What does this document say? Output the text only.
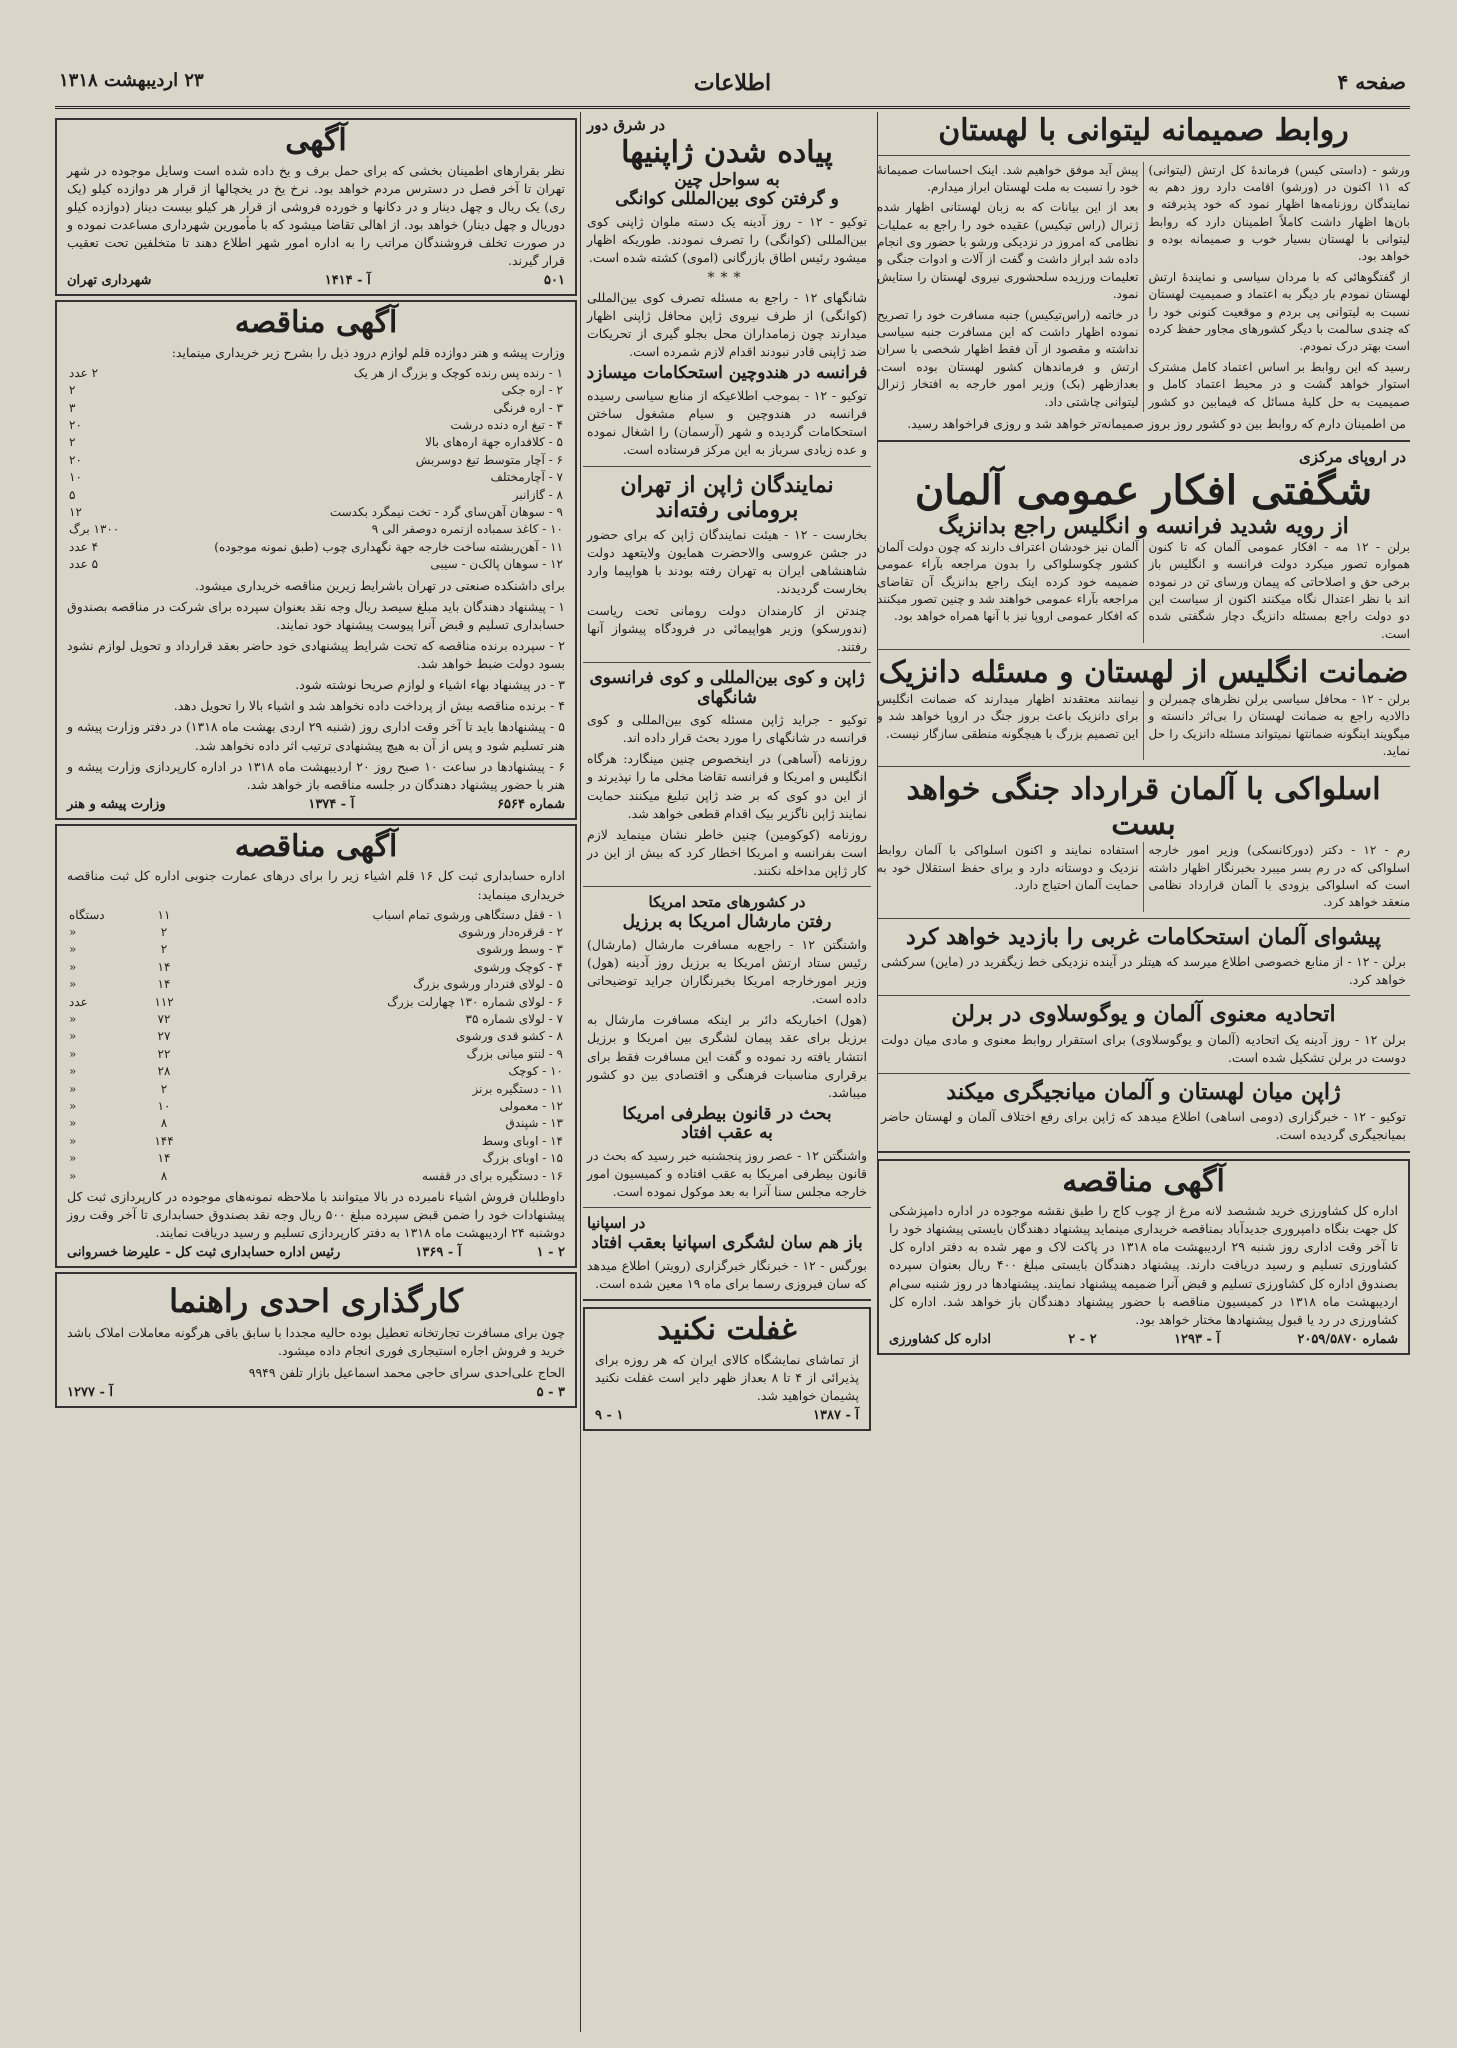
صفحه ۴
اطلاعات
۲۳ اردیبهشت ۱۳۱۸
روابط صمیمانه لیتوانی با لهستان

ورشو - (داستی کیس) فرماندهٔ کل ارتش (لیتوانی) که ۱۱ اکنون در (ورشو) اقامت دارد روز دهم به نمایندگان روزنامه‌ها اظهار نمود که خود پذیرفته و بان‌ها اظهار داشت کاملاً اطمینان دارد که روابط لیتوانی با لهستان بسیار خوب و صمیمانه بوده و خواهد بود.

از گفتگوهائی که با مردان سیاسی و نمایندهٔ ارتش لهستان نمودم بار دیگر به اعتماد و صمیمیت لهستان نسبت به لیتوانی پی بردم و موقعیت کنونی خود را که چندی سالمت با دیگر کشورهای مجاور حفظ کرده است بهتر درک نمودم.

رسید که این روابط بر اساس اعتماد کامل مشترک استوار خواهد گشت و در محیط اعتماد کامل و صمیمیت به حل کلیهٔ مسائل که فیمابین دو کشور پیش آید موفق خواهیم شد. اینک احساسات صمیمانهٔ خود را نسبت به ملت لهستان ابراز میدارم.

بعد از این بیانات که به زبان لهستانی اظهار شده ژنرال (راس تیکیس) عقیده خود را راجع به عملیات نظامی که امروز در نزدیکی ورشو با حضور وی انجام داده شد ابراز داشت و گفت از آلات و ادوات جنگی و تعلیمات ورزیده سلحشوری نیروی لهستان را ستایش نمود.

در خاتمه (راس‌تیکیس) جنبه مسافرت خود را تصریح نموده اظهار داشت که این مسافرت جنبه سیاسی نداشته و مقصود از آن فقط اظهار شخصی با سران ارتش و فرماندهان کشور لهستان بوده است. بعدازظهر (بک) وزیر امور خارجه به افتخار ژنرال لیتوانی چاشتی داد.

من اطمینان دارم که روابط بین دو کشور روز بروز صمیمانه‌تر خواهد شد و روزی فراخواهد رسید.

در اروپای مرکزی
شگفتی افکار عمومی آلمان
از رویه شدید فرانسه و انگلیس راجع بدانزیگ

برلن - ۱۲ مه - افکار عمومی آلمان که تا کنون همواره تصور میکرد دولت فرانسه و انگلیس باز برخی حق و اصلاحاتی که پیمان ورسای تن در نموده اند با نظر اعتدال نگاه میکنند اکنون از سیاست این دو دولت راجع بمسئله دانزیگ دچار شگفتی شده است.

آلمان نیز خودشان اعتراف دارند که چون دولت آلمان کشور چکوسلواکی را بدون مراجعه بآراء عمومی ضمیمه خود کرده اینک راجع بدانزیگ آن تقاضای مراجعه بآراء عمومی خواهند شد و چنین تصور میکنند که افکار عمومی اروپا نیز با آنها همراه خواهد بود.

ضمانت انگلیس از لهستان و مسئله دانزیک

برلن - ۱۲ - محافل سیاسی برلن نظرهای چمبرلن و دالادیه راجع به ضمانت لهستان را بی‌اثر دانسته و میگویند اینگونه ضمانتها نمیتواند مسئله دانزیک را حل نماید.

نیمانند معتقدند اظهار میدارند که ضمانت انگلیس برای دانزیک باعث بروز جنگ در اروپا خواهد شد و این تصمیم بزرگ با هیچگونه منطقی سازگار نیست.

اسلواکی با آلمان قرارداد جنگی خواهد بست

رم - ۱۲ - دکتر (دورکانسکی) وزیر امور خارجه اسلواکی که در رم بسر میبرد بخبرنگار اظهار داشته است که اسلواکی بزودی با آلمان قرارداد نظامی منعقد خواهد کرد.

استفاده نمایند و اکنون اسلواکی با آلمان روابط نزدیک و دوستانه دارد و برای حفظ استقلال خود به حمایت آلمان احتیاج دارد.

پیشوای آلمان استحکامات غربی را بازدید خواهد کرد

برلن - ۱۲ - از منابع خصوصی اطلاع میرسد که هیتلر در آینده نزدیکی خط زیگفرید در (ماین) سرکشی خواهد کرد.

اتحادیه معنوی آلمان و یوگوسلاوی در برلن

برلن ۱۲ - روز آدینه یک اتحادیه (آلمان و یوگوسلاوی) برای استقرار روابط معنوی و مادی میان دولت دوست در برلن تشکیل شده است.

ژاپن میان لهستان و آلمان میانجیگری میکند

توکیو - ۱۲ - خبرگزاری (دومی اساهی) اطلاع میدهد که ژاپن برای رفع اختلاف آلمان و لهستان حاضر بمیانجیگری گردیده است.

آگهی مناقصه

اداره کل کشاورزی خرید ششصد لانه مرغ از چوب کاج را طبق نقشه موجوده در اداره دامپزشکی کل جهت بنگاه دامپروری جدیدآباد بمناقصه خریداری مینماید پیشنهاد دهندگان بایستی پیشنهاد خود را تا آخر وقت اداری روز شنبه ۲۹ اردیبهشت ماه ۱۳۱۸ در پاکت لاک و مهر شده به دفتر اداره کل کشاورزی تسلیم و رسید دریافت دارند. پیشنهاد دهندگان بایستی مبلغ ۴۰۰ ریال بعنوان سپرده بصندوق اداره کل کشاورزی تسلیم و قبض آنرا ضمیمه پیشنهاد نمایند. پیشنهادها در روز شنبه سی‌ام اردیبهشت ماه ۱۳۱۸ در کمیسیون مناقصه با حضور پیشنهاد دهندگان باز خواهد شد. اداره کل کشاورزی در رد یا قبول پیشنهادها مختار خواهد بود.

شماره ۲۰۵۹/۵۸۷۰
آ - ۱۲۹۳
۲ - ۲
اداره کل کشاورزی
در شرق دور
پیاده شدن ژاپنیها
به سواحل چین
و گرفتن کوی بین‌المللی کوانگی

توکیو - ۱۲ - روز آدینه یک دسته ملوان ژاپنی کوی بین‌المللی (کوانگی) را تصرف نمودند. طوریکه اظهار میشود رئیس اطاق بازرگانی (اموی) کشته شده است.

***

شانگهای ۱۲ - راجع به مسئله تصرف کوی بین‌المللی (کوانگی) از طرف نیروی ژاپن محافل ژاپنی اظهار میدارند چون زمامداران محل بجلو گیری از تحریکات ضد ژاپنی قادر نبودند اقدام لازم شمرده است.

فرانسه در هندوچین استحکامات میسازد

توکیو - ۱۲ - بموجب اطلاعیکه از منابع سیاسی رسیده فرانسه در هندوچین و سیام مشغول ساختن استحکامات گردیده و شهر (آرسمان) را اشغال نموده و عده زیادی سرباز به این مرکز فرستاده است.

نمایندگان ژاپن از تهران
برومانی رفته‌اند

بخارست - ۱۲ - هیئت نمایندگان ژاپن که برای حضور در جشن عروسی والاحضرت همایون ولایتعهد دولت شاهنشاهی ایران به تهران رفته بودند با هواپیما وارد بخارست گردیدند.

چندتن از کارمندان دولت رومانی تحت ریاست (ندورسکو) وزیر هواپیمائی در فرودگاه پیشواز آنها رفتند.

ژاپن و کوی بین‌المللی و کوی فرانسوی شانگهای

توکیو - جراید ژاپن مسئله کوی بین‌المللی و کوی فرانسه در شانگهای را مورد بحث قرار داده اند.

روزنامه (آساهی) در اینخصوص چنین مینگارد: هرگاه انگلیس و امریکا و فرانسه تقاضا مخلی ما را نپذیرند و از این دو کوی که بر ضد ژاپن تبلیغ میکنند حمایت نمایند ژاپن ناگزیر بیک اقدام قطعی خواهد شد.

روزنامه (کوکومین) چنین خاطر نشان مینماید لازم است بفرانسه و امریکا اخطار کرد که بیش از این در کار ژاپن مداخله نکنند.

در کشورهای متحد امریکا
رفتن مارشال امریکا به برزیل

واشنگتن ۱۲ - راجع‌به‌ مسافرت مارشال (مارشال) رئیس ستاد ارتش امریکا به برزیل روز آدینه (هول) وزیر امورخارجه امریکا بخبرنگاران جراید توضیحاتی داده است.

(هول) اخباریکه دائر بر اینکه مسافرت مارشال به برزیل برای عقد پیمان لشگری بین امریکا و برزیل انتشار یافته رد نموده و گفت این مسافرت فقط برای برقراری مناسبات فرهنگی و اقتصادی بین دو کشور میباشد.

بحث در قانون بیطرفی امریکا
به عقب افتاد

واشنگتن ۱۲ - عصر روز پنجشنبه خبر رسید که بحث در قانون بیطرفی امریکا به عقب افتاده و کمیسیون امور خارجه مجلس سنا آنرا به بعد موکول نموده است.

در اسپانیا
باز هم سان لشگری اسپانیا بعقب افتاد

بورگس - ۱۲ - خبرنگار خبرگزاری (رویتر) اطلاع میدهد که سان فیروزی رسما برای ماه ۱۹ معین شده است.

غفلت نکنید

از تماشای نمایشگاه کالای ایران که هر روزه برای پذیرائی از ۴ تا ۸ بعداز ظهر دایر است غفلت نکنید پشیمان خواهید شد.

آ - ۱۳۸۷
۱ - ۹
آگهی

نظر بقرارهای اطمینان بخشی که برای حمل برف و یخ داده شده است وسایل موجوده در شهر تهران تا آخر فصل در دسترس مردم خواهد بود. نرخ یخ در یخچالها از قرار هر دوازده کیلو (یک ری) یک ریال و چهل دینار و در دکانها و خورده فروشی از قرار هر کیلو بیست دینار (دوازده کیلو دوریال و چهل دینار) خواهد بود. از اهالی تقاضا میشود که با مأمورین شهرداری مساعدت نموده و در صورت تخلف فروشندگان مراتب را به اداره امور شهر اطلاع دهند تا متخلفین تحت تعقیب قرار گیرند.

۵۰۱
آ - ۱۴۱۴
شهرداری تهران
آگهی مناقصه

وزارت پیشه و هنر دوازده قلم لوازم درود ذیل را بشرح زیر خریداری مینماید:

۱ - رنده پس رنده کوچک و بزرگ از هر یک
۲ عدد
۲ - اره جکی
۲
۳ - اره فرنگی
۳
۴ - تیغ اره دنده درشت
۲۰
۵ - کلافداره جهة اره‌های بالا
۲
۶ - آچار متوسط تیغ دوسربش
۲۰
۷ - آچارمختلف
۱۰
۸ - گازانبر
۵
۹ - سوهان آهن‌سای گرد - تخت نیمگرد بکدست
۱۲
۱۰ - کاغذ سمباده ازنمره دوصفر الی ۹
۱۳۰۰ برگ
۱۱ - آهن‌ربشته ساخت خارجه جهة نگهداری چوب (طبق نمونه موجوده)
۴ عدد
۱۲ - سوهان پالک‌ن - سیبی
۵ عدد

برای داشنکده صنعتی در تهران باشرایط زیرین مناقصه خریداری میشود.

۱ - پیشنهاد دهندگان باید مبلغ سیصد ریال وجه نقد بعنوان سپرده برای شرکت در مناقصه بصندوق حسابداری تسلیم و قبض آنرا پیوست پیشنهاد خود نمایند.

۲ - سپرده برنده مناقصه که تحت شرایط پیشنهادی خود حاضر بعقد قرارداد و تحویل لوازم نشود بسود دولت ضبط خواهد شد.

۳ - در پیشنهاد بهاء اشیاء و لوازم صریحا نوشته شود.

۴ - برنده مناقصه بیش از پرداخت داده نخواهد شد و اشیاء بالا را تحویل دهد.

۵ - پیشنهادها باید تا آخر وقت اداری روز (شنبه ۲۹ اردی بهشت ماه ۱۳۱۸) در دفتر وزارت پیشه و هنر تسلیم شود و پس از آن به هیچ پیشنهادی ترتیب اثر داده نخواهد شد.

۶ - پیشنهادها در ساعت ۱۰ صبح روز ۲۰ اردیبهشت ماه ۱۳۱۸ در اداره کارپردازی وزارت پیشه و هنر با حضور پیشنهاد دهندگان در جلسه مناقصه باز خواهد شد.

شماره ۶۵۶۴
آ - ۱۳۷۴
وزارت پیشه و هنر
آگهی مناقصه

اداره حسابداری ثبت کل ۱۶ قلم اشیاء زیر را برای درهای عمارت جنوبی اداره کل ثبت مناقصه خریداری مینماید:

۱ - قفل دستگاهی ورشوی تمام اسباب
۱۱
دستگاه
۲ - قرقره‌دار ورشوی
۲
«
۳ - وسط ورشوی
۲
«
۴ - کوچک ورشوی
۱۴
«
۵ - لولای فنردار ورشوی بزرگ
۱۴
«
۶ - لولای شماره ۱۳۰ چهارلت بزرگ
۱۱۲
عدد
۷ - لولای شماره ۳۵
۷۲
«
۸ - کشو قدی ورشوی
۲۷
«
۹ - لنتو میانی بزرگ
۲۲
«
۱۰ - کوچک
۲۸
«
۱۱ - دستگیره برنز
۲
«
۱۲ - معمولی
۱۰
«
۱۳ - شپندق
۸
«
۱۴ - اوبای وسط
۱۴۴
«
۱۵ - اوبای بزرگ
۱۴
«
۱۶ - دستگیره برای در قفسه
۸
«

داوطلبان فروش اشیاء نامبرده در بالا میتوانند با ملاحظه نمونه‌های موجوده در کارپردازی ثبت کل پیشنهادات خود را ضمن قبض سپرده مبلغ ۵۰۰ ریال وجه نقد بصندوق حسابداری تا آخر وقت روز دوشنبه ۲۴ اردیبهشت ماه ۱۳۱۸ به دفتر کارپردازی تسلیم و رسید دریافت نمایند.

۲ - ۱
آ - ۱۳۶۹
رئیس اداره حسابداری ثبت کل - علیرضا خسروانی
کارگذاری احدی راهنما

چون برای مسافرت تجارتخانه تعطیل بوده حالیه مجددا با سابق باقی هرگونه معاملات املاک باشد خرید و فروش اجاره استیجاری فوری انجام داده میشود.

الحاج علی‌احدی سرای حاجی محمد اسماعیل بازار تلفن ۹۹۴۹

۳ - ۵
آ - ۱۲۷۷
